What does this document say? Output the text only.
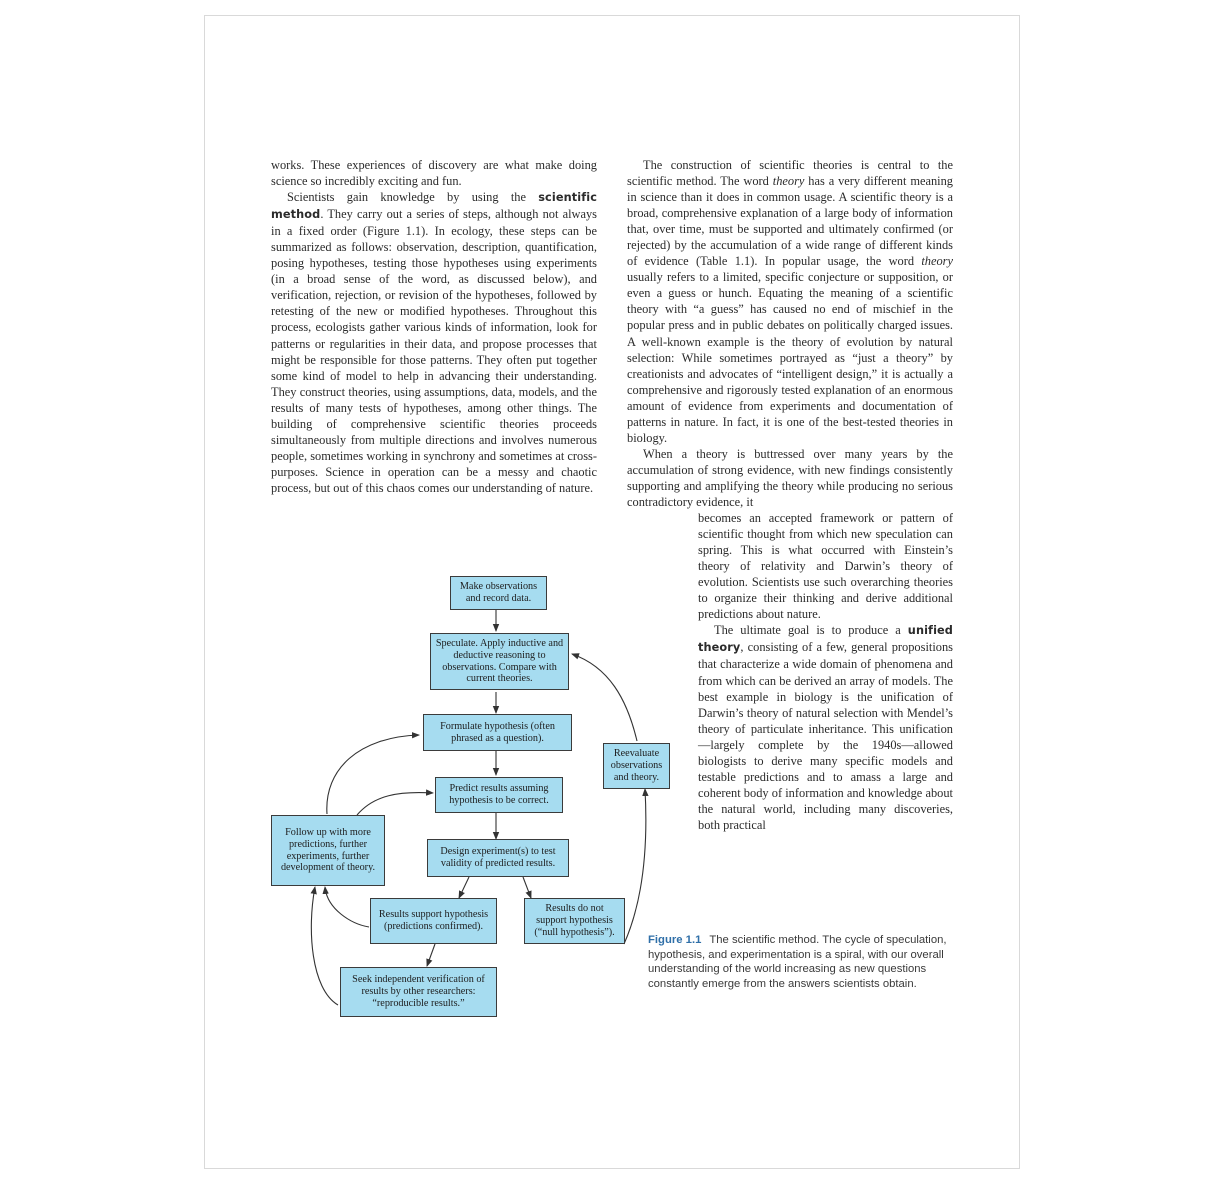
works. These experiences of discovery are what make doing science so incredibly exciting and fun.

Scientists gain knowledge by using the scientific method. They carry out a series of steps, although not always in a fixed order (Figure 1.1). In ecology, these steps can be summarized as follows: observation, description, quantification, posing hypotheses, testing those hypotheses using experiments (in a broad sense of the word, as discussed below), and verification, rejection, or revision of the hypotheses, followed by retesting of the new or modified hypotheses. Throughout this process, ecologists gather various kinds of information, look for patterns or regularities in their data, and propose processes that might be responsible for those patterns. They often put together some kind of model to help in advancing their understanding. They construct theories, using assumptions, data, models, and the results of many tests of hypotheses, among other things. The building of comprehensive scientific theories proceeds simultaneously from multiple directions and involves numerous people, sometimes working in synchrony and sometimes at cross-purposes. Science in operation can be a messy and chaotic process, but out of this chaos comes our understanding of nature.

The construction of scientific theories is central to the scientific method. The word theory has a very different meaning in science than it does in common usage. A scientific theory is a broad, comprehensive explanation of a large body of information that, over time, must be supported and ultimately confirmed (or rejected) by the accumulation of a wide range of different kinds of evidence (Table 1.1). In popular usage, the word theory usually refers to a limited, specific conjecture or supposition, or even a guess or hunch. Equating the meaning of a scientific theory with “a guess” has caused no end of mischief in the popular press and in public debates on politically charged issues. A well-known example is the theory of evolution by natural selection: While sometimes portrayed as “just a theory” by creationists and advocates of “intelligent design,” it is actually a comprehensive and rigorously tested explanation of an enormous amount of evidence from experiments and documentation of patterns in nature. In fact, it is one of the best-tested theories in biology.

When a theory is buttressed over many years by the accumulation of strong evidence, with new findings consistently supporting and amplifying the theory while producing no serious contradictory evidence, it

becomes an accepted framework or pattern of scientific thought from which new speculation can spring. This is what occurred with Einstein’s theory of relativity and Darwin’s theory of evolution. Scientists use such overarching theories to organize their thinking and derive additional predictions about nature.

The ultimate goal is to produce a unified theory, consisting of a few, general propositions that characterize a wide domain of phenomena and from which can be derived an array of models. The best example in biology is the unification of Darwin’s theory of natural selection with Mendel’s theory of particulate inheritance. This unification—largely complete by the 1940s—allowed biologists to derive many specific models and testable predictions and to amass a large and coherent body of information and knowledge about the natural world, including many discoveries, both practical

Make observations and record data.
Speculate. Apply inductive and deductive reasoning to observations. Compare with current theories.
Formulate hypothesis (often phrased as a question).
Predict results assuming hypothesis to be correct.
Design experiment(s) to test validity of predicted results.
Results support hypothesis (predictions confirmed).
Results do not support hypothesis (“null hypothesis”).
Seek independent verification of results by other researchers: “reproducible results.”
Follow up with more predictions, further experiments, further development of theory.
Reevaluate observations and theory.
Figure 1.1 The scientific method. The cycle of speculation, hypothesis, and experimentation is a spiral, with our overall understanding of the world increasing as new questions constantly emerge from the answers scientists obtain.
